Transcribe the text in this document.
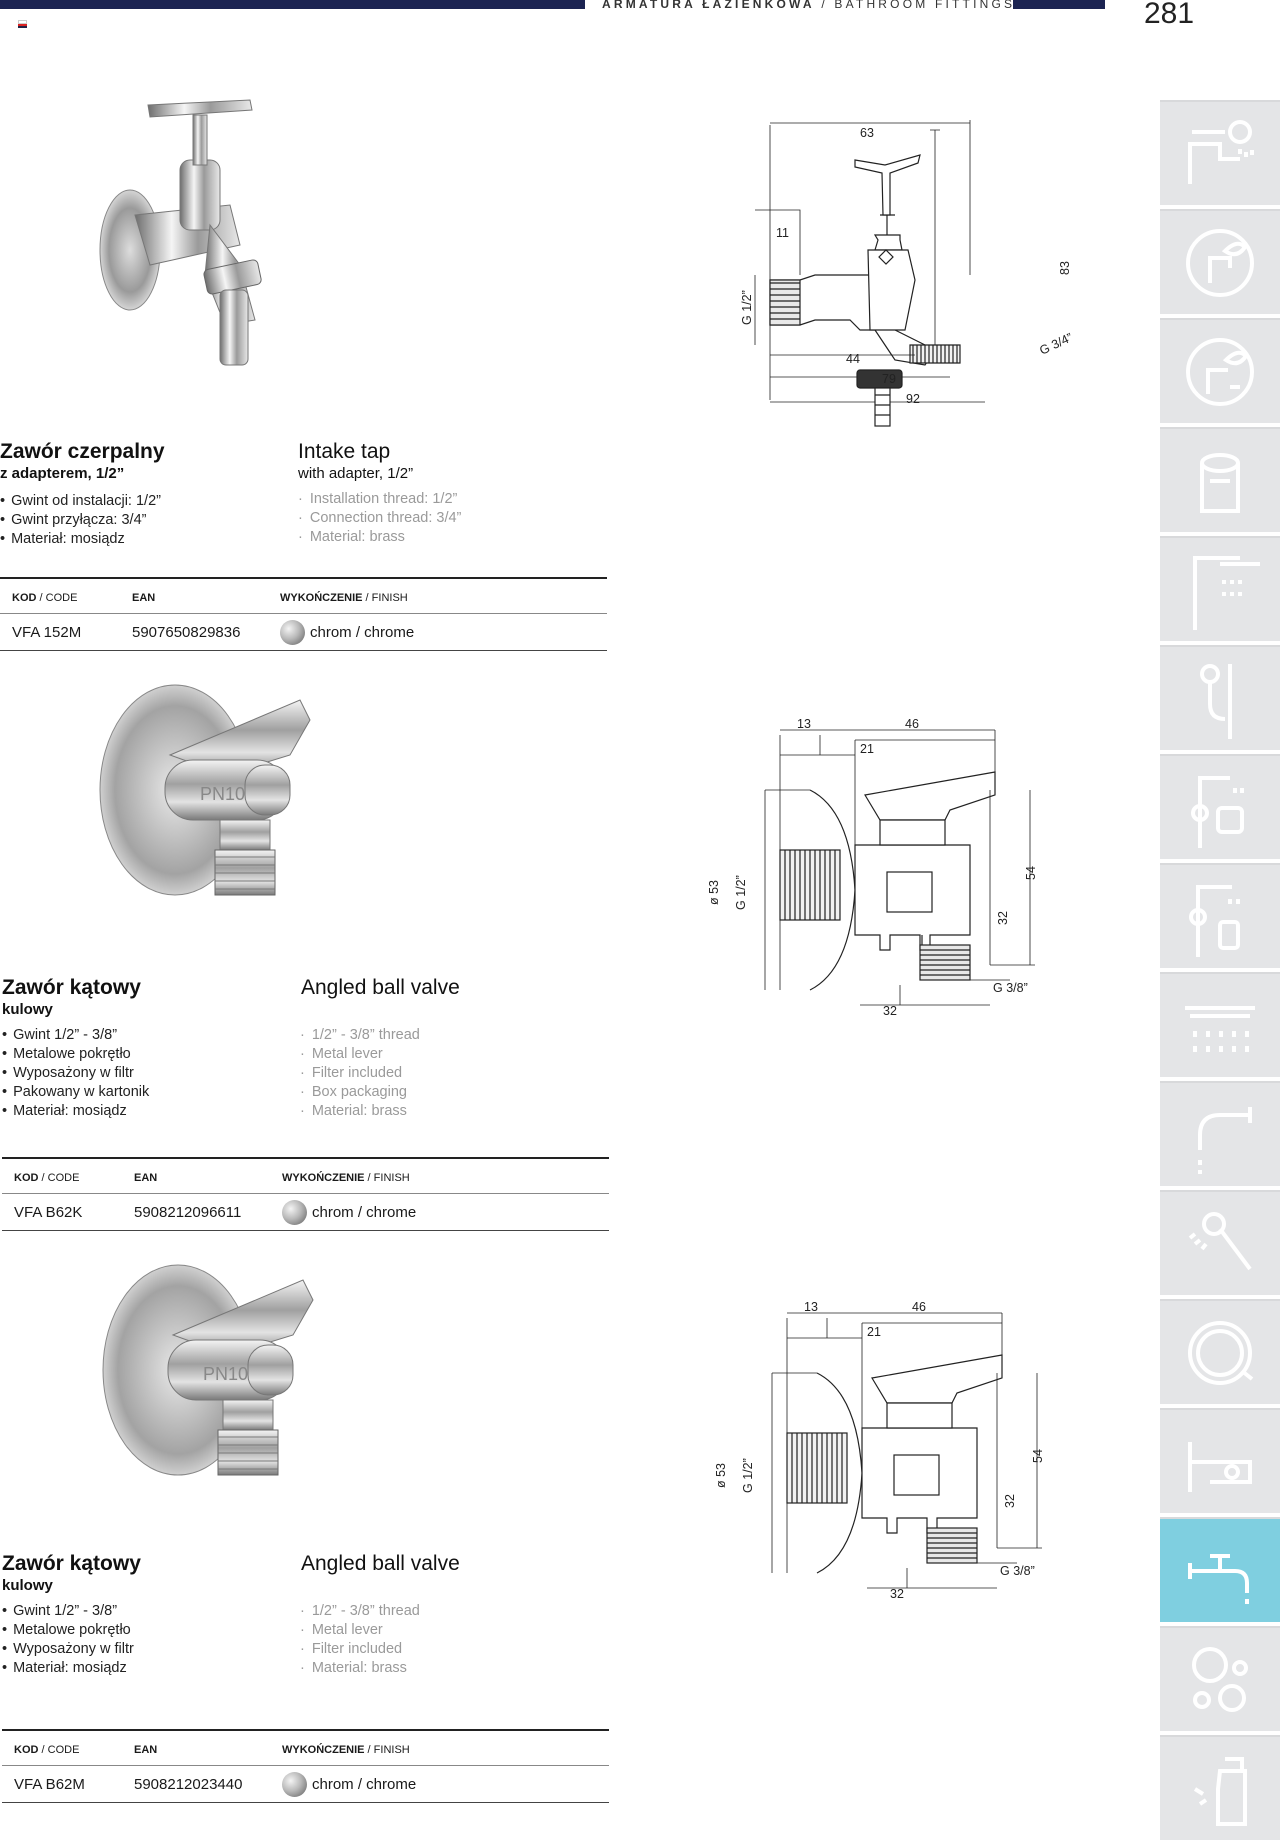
ARMATURA ŁAZIENKOWA / BATHROOM FITTINGS	281
Zawór czerpalny
z adapterem, 1/2”
Intake tap
with adapter, 1/2”
• Gwint od instalacji: 1/2”
• Gwint przyłącza: 3/4”
• Materiał: mosiądz
· Installation thread: 1/2”
· Connection thread: 3/4”
· Material: brass
KOD / CODE	EAN	WYKOŃCZENIE / FINISH
VFA 152M	5907650829836	chrom / chrome
63
11
83
G 1/2”
G 3/4”
44
79
92
PN10
Zawór kątowy
kulowy
Angled ball valve
• Gwint 1/2” - 3/8”
• Metalowe pokrętło
• Wyposażony w filtr
• Pakowany w kartonik
• Materiał: mosiądz
· 1/2” - 3/8” thread
· Metal lever
· Filter included
· Box packaging
· Material: brass
KOD / CODE	EAN	WYKOŃCZENIE / FINISH
VFA B62K	5908212096611	chrom / chrome
13	46
21
ø 53 G 1/2”
54
32
G 3/8”
32
PN10
Zawór kątowy
kulowy
Angled ball valve
• Gwint 1/2” - 3/8”
• Metalowe pokrętło
• Wyposażony w filtr
• Materiał: mosiądz
· 1/2” - 3/8” thread
· Metal lever
· Filter included
· Material: brass
KOD / CODE	EAN	WYKOŃCZENIE / FINISH
VFA B62M	5908212023440	chrom / chrome
13	46
21
ø 53 G 1/2”
54
32
G 3/8”
32
